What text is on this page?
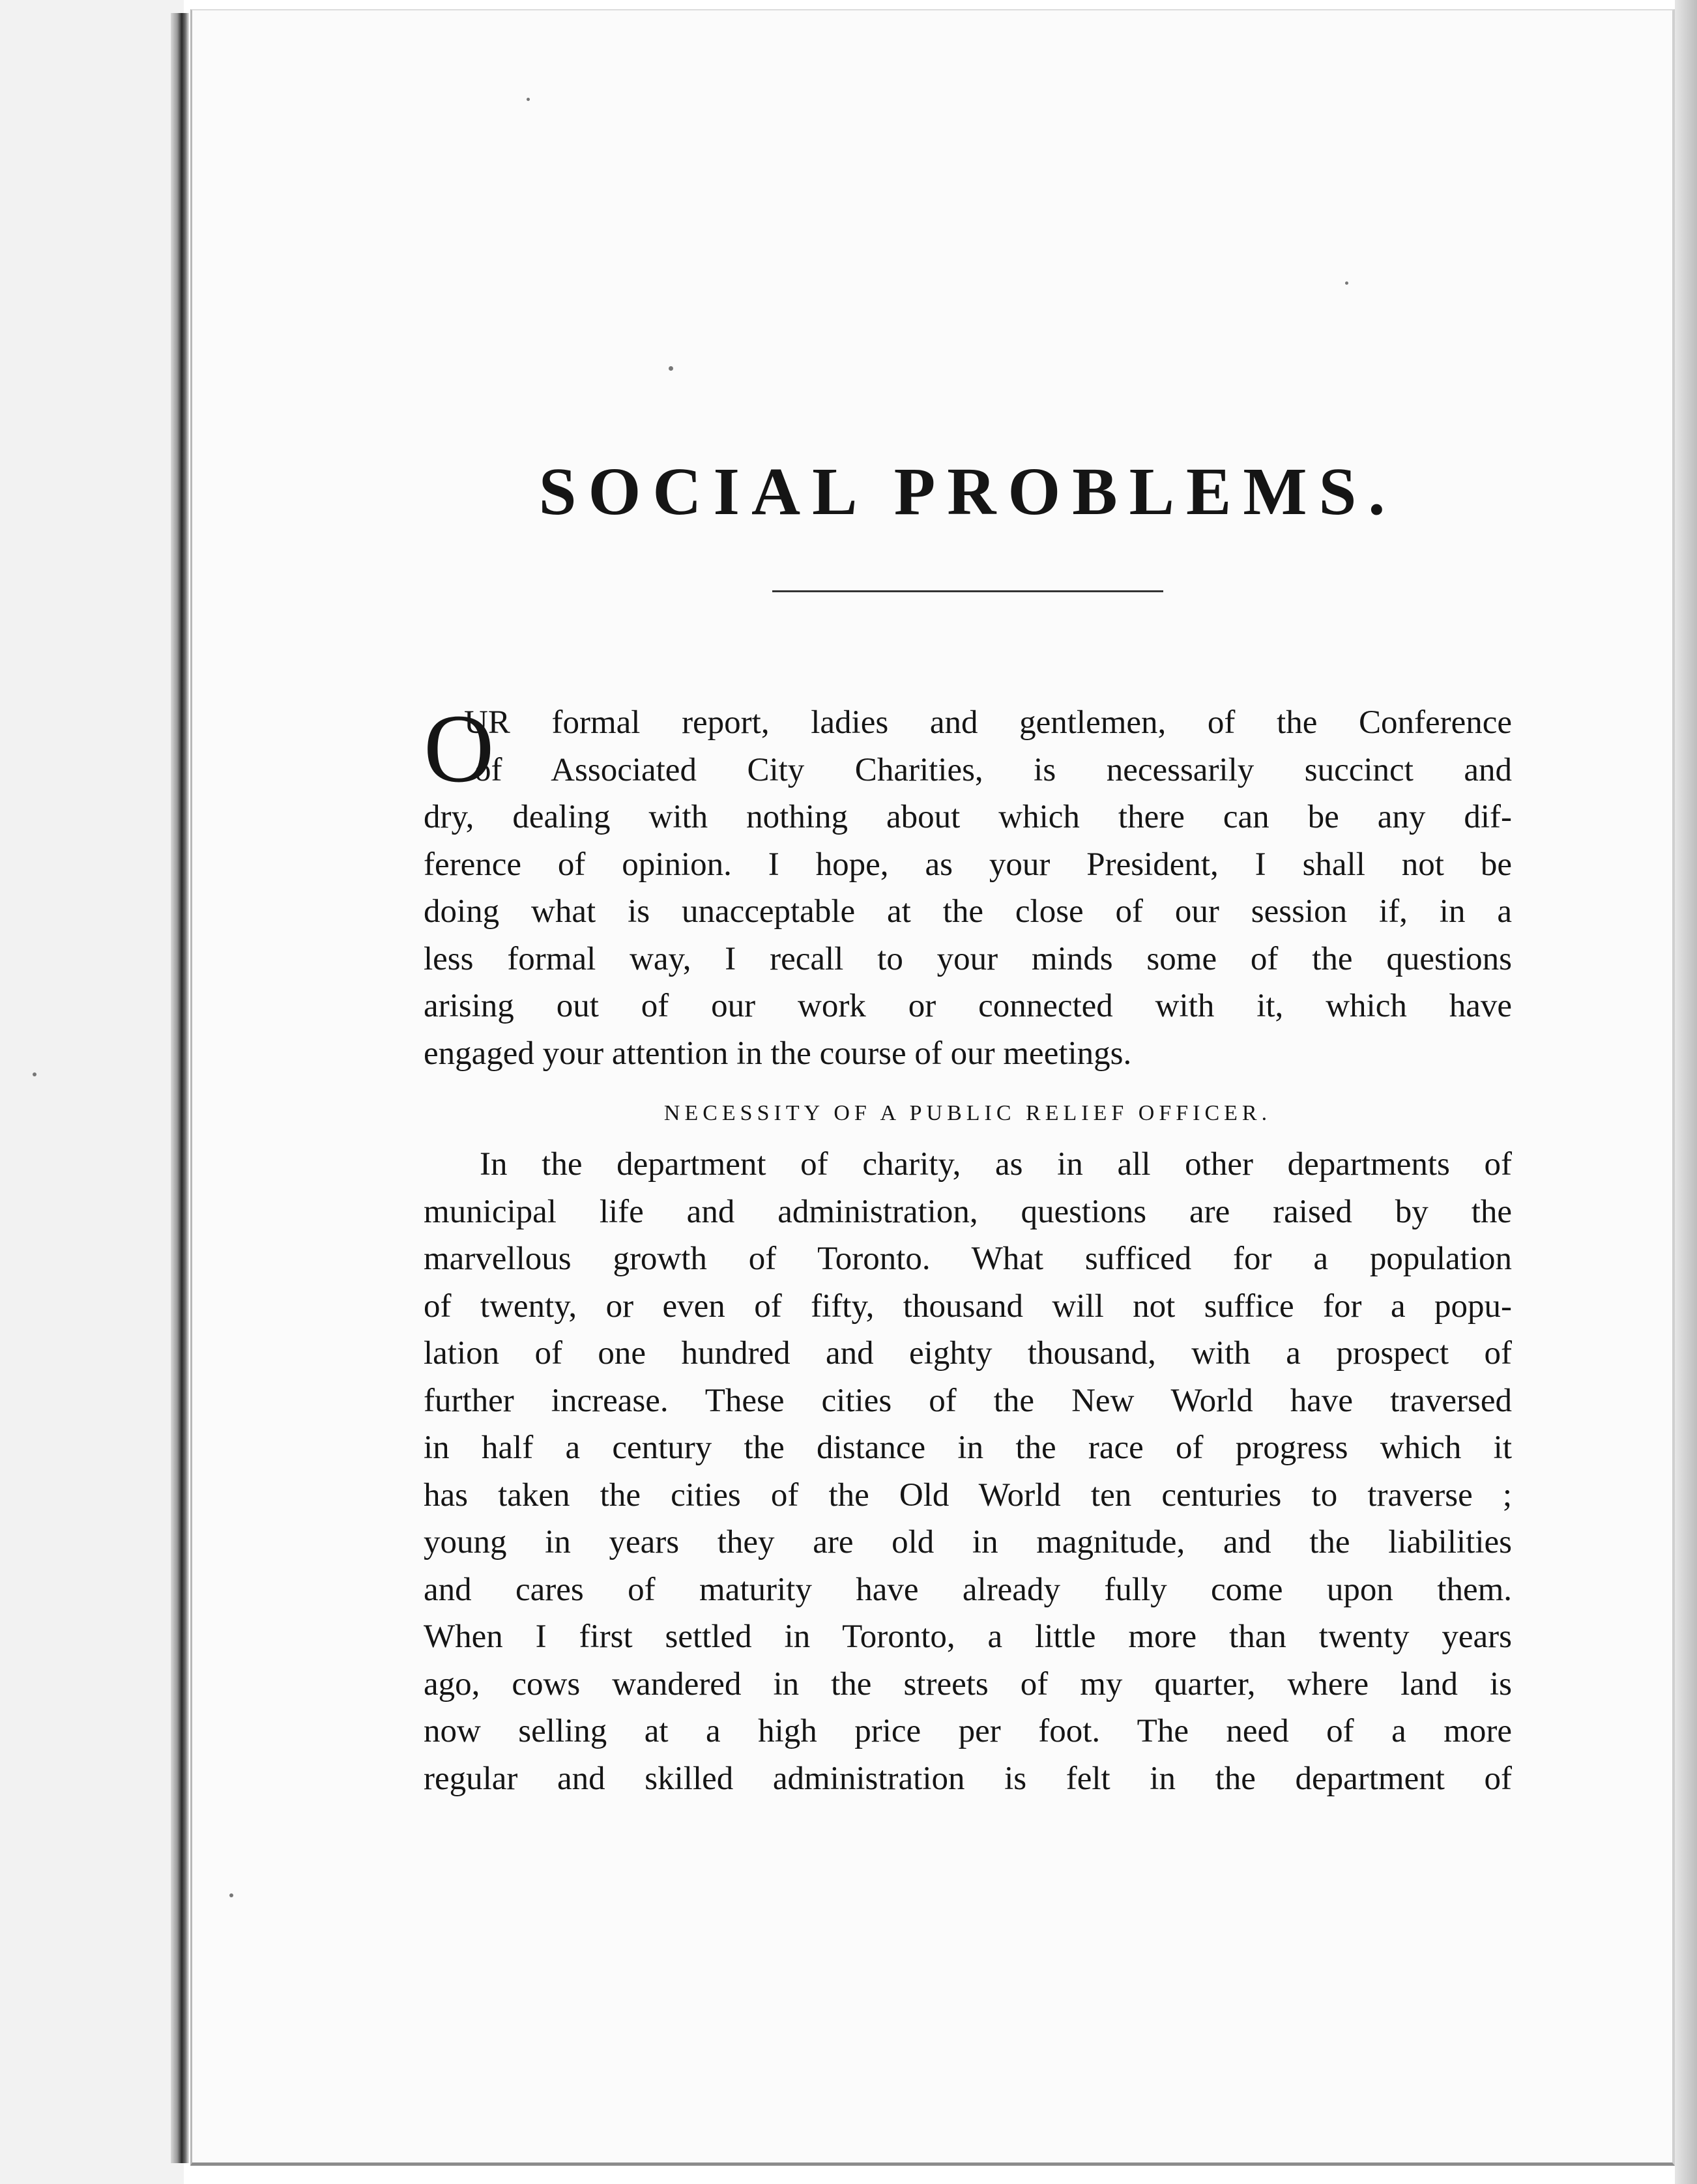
SOCIAL PROBLEMS.
O
UR formal report, ladies and gentlemen, of the Conference
of Associated City Charities, is necessarily succinct and
dry, dealing with nothing about which there can be any dif-
ference of opinion. I hope, as your President, I shall not be
doing what is unacceptable at the close of our session if, in a
less formal way, I recall to your minds some of the questions
arising out of our work or connected with it, which have
engaged your attention in the course of our meetings.
NECESSITY OF A PUBLIC RELIEF OFFICER.
In the department of charity, as in all other departments of
municipal life and administration, questions are raised by the
marvellous growth of Toronto. What sufficed for a population
of twenty, or even of fifty, thousand will not suffice for a popu-
lation of one hundred and eighty thousand, with a prospect of
further increase. These cities of the New World have traversed
in half a century the distance in the race of progress which it
has taken the cities of the Old World ten centuries to traverse ;
young in years they are old in magnitude, and the liabilities
and cares of maturity have already fully come upon them.
When I first settled in Toronto, a little more than twenty years
ago, cows wandered in the streets of my quarter, where land is
now selling at a high price per foot. The need of a more
regular and skilled administration is felt in the department of
